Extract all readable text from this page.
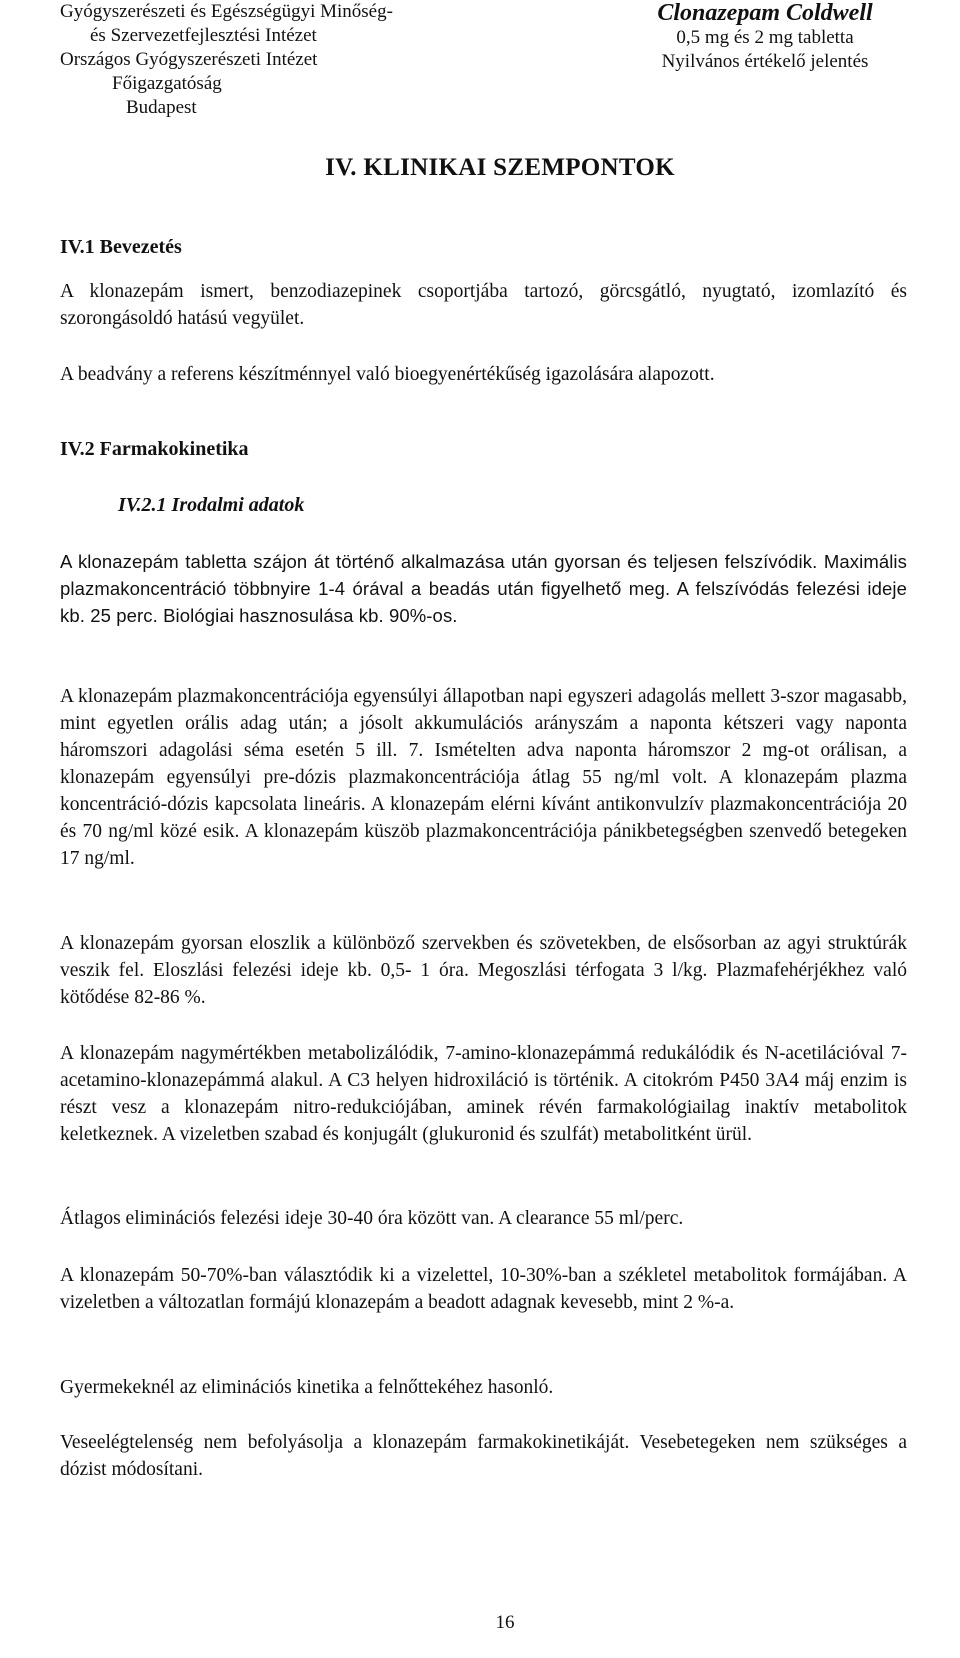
Gyógyszerészeti és Egészségügyi Minőség-
és Szervezetfejlesztési Intézet
Országos Gyógyszerészeti Intézet
Főigazgatóság
Budapest
Clonazepam Coldwell
0,5 mg és 2 mg tabletta
Nyilvános értékelő jelentés
IV. KLINIKAI SZEMPONTOK
IV.1 Bevezetés
A klonazepám ismert, benzodiazepinek csoportjába tartozó, görcsgátló, nyugtató, izomlazító és szorongásoldó hatású vegyület.
A beadvány a referens készítménnyel való bioegyenértékűség igazolására alapozott.
IV.2 Farmakokinetika
IV.2.1 Irodalmi adatok
A klonazepám tabletta szájon át történő alkalmazása után gyorsan és teljesen felszívódik. Maximális plazmakoncentráció többnyire 1-4 órával a beadás után figyelhető meg. A felszívódás felezési ideje kb. 25 perc. Biológiai hasznosulása kb. 90%-os.
A klonazepám plazmakoncentrációja egyensúlyi állapotban napi egyszeri adagolás mellett 3-szor magasabb, mint egyetlen orális adag után; a jósolt akkumulációs arányszám a naponta kétszeri vagy naponta háromszori adagolási séma esetén 5 ill. 7. Ismételten adva naponta háromszor 2 mg-ot orálisan, a klonazepám egyensúlyi pre-dózis plazmakoncentrációja átlag 55 ng/ml volt. A klonazepám plazma koncentráció-dózis kapcsolata lineáris. A klonazepám elérni kívánt antikonvulzív plazmakoncentrációja 20 és 70 ng/ml közé esik. A klonazepám küszöb plazmakoncentrációja pánikbetegségben szenvedő betegeken 17 ng/ml.
A klonazepám gyorsan eloszlik a különböző szervekben és szövetekben, de elsősorban az agyi struktúrák veszik fel. Eloszlási felezési ideje kb. 0,5- 1 óra. Megoszlási térfogata 3 l/kg. Plazmafehérjékhez való kötődése 82-86 %.
A klonazepám nagymértékben metabolizálódik, 7-amino-klonazepámmá redukálódik és N-acetilációval 7-acetamino-klonazepámmá alakul. A C3 helyen hidroxiláció is történik. A citokróm P450 3A4 máj enzim is részt vesz a klonazepám nitro-redukciójában, aminek révén farmakológiailag inaktív metabolitok keletkeznek. A vizeletben szabad és konjugált (glukuronid és szulfát) metabolitként ürül.
Átlagos eliminációs felezési ideje 30-40 óra között van. A clearance 55 ml/perc.
A klonazepám 50-70%-ban választódik ki a vizelettel, 10-30%-ban a székletel metabolitok formájában. A vizeletben a változatlan formájú klonazepám a beadott adagnak kevesebb, mint 2 %-a.
Gyermekeknél az eliminációs kinetika a felnőttekéhez hasonló.
Veseelégtelenség nem befolyásolja a klonazepám farmakokinetikáját. Vesebetegeken nem szükséges a dózist módosítani.
16
